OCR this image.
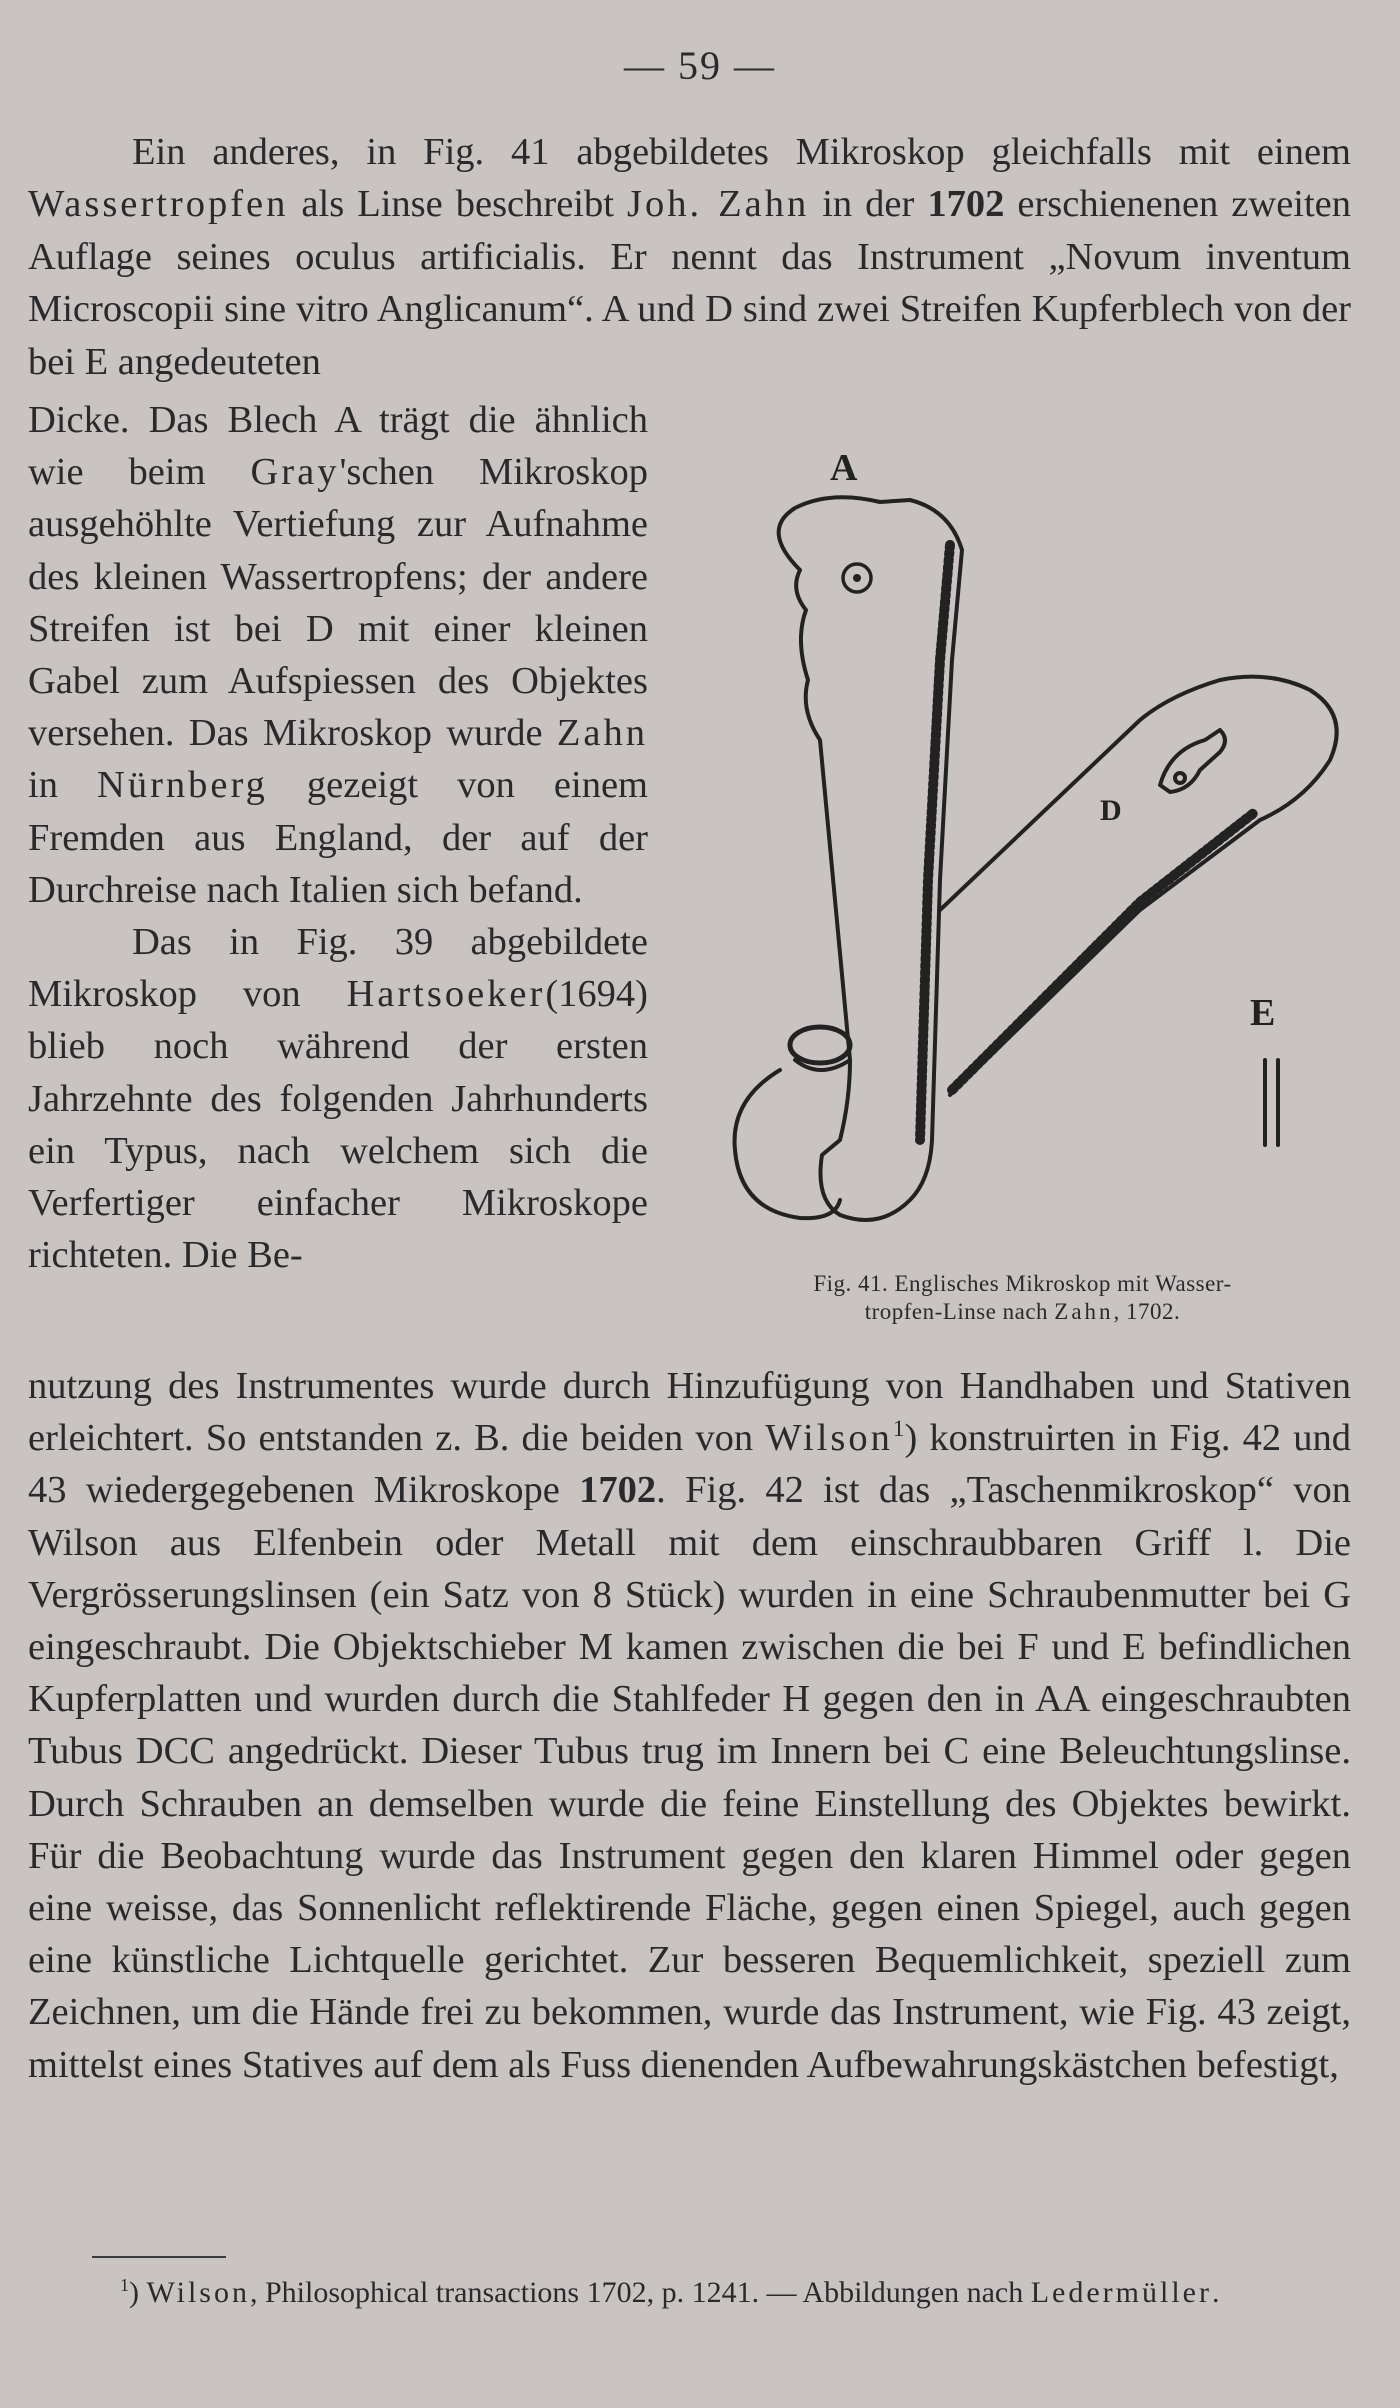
— 59 —

Ein anderes, in Fig. 41 abgebildetes Mikroskop gleichfalls mit einem Wassertropfen als Linse beschreibt Joh. Zahn in der 1702 erschienenen zweiten Auflage seines oculus artificialis. Er nennt das Instrument „Novum inventum Microscopii sine vitro Anglicanum“. A und D sind zwei Streifen Kupferblech von der bei E angedeuteten

Dicke. Das Blech A trägt die ähnlich wie beim Gray'schen Mikroskop ausgehöhlte Vertiefung zur Aufnahme des kleinen Wassertropfens; der andere Streifen ist bei D mit einer kleinen Gabel zum Aufspiessen des Objektes versehen. Das Mikroskop wurde Zahn in Nürnberg gezeigt von einem Fremden aus England, der auf der Durchreise nach Italien sich befand.

Das in Fig. 39 abgebildete Mikroskop von Hartsoeker(1694) blieb noch während der ersten Jahrzehnte des folgenden Jahrhunderts ein Typus, nach welchem sich die Verfertiger einfacher Mikroskope richteten. Die Be-

A
D
E

Fig. 41. Englisches Mikroskop mit Wasser-

tropfen-Linse nach Zahn, 1702.

nutzung des Instrumentes wurde durch Hinzufügung von Handhaben und Stativen erleichtert. So entstanden z. B. die beiden von Wilson$^1$) konstruirten in Fig. 42 und 43 wiedergegebenen Mikroskope 1702. Fig. 42 ist das „Taschenmikroskop“ von Wilson aus Elfenbein oder Metall mit dem einschraubbaren Griff l. Die Vergrösserungslinsen (ein Satz von 8 Stück) wurden in eine Schraubenmutter bei G eingeschraubt. Die Objektschieber M kamen zwischen die bei F und E befindlichen Kupferplatten und wurden durch die Stahlfeder H gegen den in AA eingeschraubten Tubus DCC angedrückt. Dieser Tubus trug im Innern bei C eine Beleuchtungslinse. Durch Schrauben an demselben wurde die feine Einstellung des Objektes bewirkt. Für die Beobachtung wurde das Instrument gegen den klaren Himmel oder gegen eine weisse, das Sonnenlicht reflektirende Fläche, gegen einen Spiegel, auch gegen eine künstliche Lichtquelle gerichtet. Zur besseren Bequemlichkeit, speziell zum Zeichnen, um die Hände frei zu bekommen, wurde das Instrument, wie Fig. 43 zeigt, mittelst eines Statives auf dem als Fuss dienenden Aufbewahrungskästchen befestigt,

$^1$) Wilson, Philosophical transactions 1702, p. 1241. — Abbildungen nach Ledermüller.
